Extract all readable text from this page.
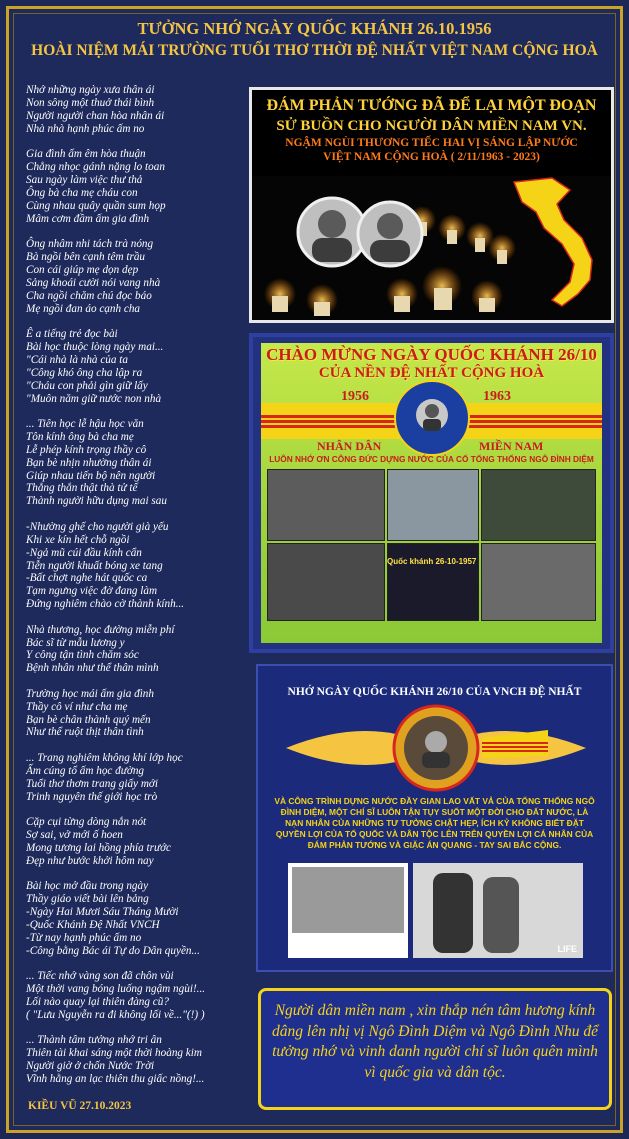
TƯỞNG NHỚ NGÀY QUỐC KHÁNH 26.10.1956
HOÀI NIỆM MÁI TRƯỜNG TUỔI THƠ THỜI ĐỆ NHẤT VIỆT NAM CỘNG HOÀ
Nhớ những ngày xưa thân ái
Non sông một thuở thái bình
Người người chan hòa nhân ái
Nhà nhà hạnh phúc ấm no
Gia đình ấm êm hòa thuận
Chẳng nhọc gánh nặng lo toan
Sau ngày làm việc thư thả
Ông bà cha mẹ cháu con
Cùng nhau quây quần sum họp
Mâm cơm đầm ấm gia đình
Ông nhâm nhi tách trà nóng
Bà ngồi bên cạnh têm trầu
Con cái giúp mẹ dọn dẹp
Sảng khoái cười nói vang nhà
Cha ngồi chăm chú đọc báo
Mẹ ngồi đan áo cạnh cha
Ê a tiếng trẻ đọc bài
Bài học thuộc lòng ngày mai...
"Cái nhà là nhà của ta
"Công khó ông cha lập ra
"Cháu con phải gìn giữ lấy
"Muôn năm giữ nước non nhà
... Tiên học lễ hậu học văn
Tôn kính ông bà cha mẹ
Lễ phép kính trọng thầy cô
Bạn bè nhịn nhường thân ái
Giúp nhau tiến bộ nên người
Thẳng thắn thật thà tử tế
Thành người hữu dụng mai sau
-Nhường ghế cho người già yếu
Khi xe kín hết chỗ ngồi
-Ngả mũ cúi đầu kính cẩn
Tiễn người khuất bóng xe tang
-Bất chợt nghe hát quốc ca
Tạm ngưng việc đờ đang làm
Đứng nghiêm chào cờ thành kính...
Nhà thương, học đường miễn phí
Bác sĩ từ mẫu lương y
Y công tận tình chăm sóc
Bệnh nhân như thể thân mình
Trường học mái ấm gia đình
Thầy cô ví như cha mẹ
Bạn bè chân thành quý mến
Như thể ruột thịt thân tình
... Trang nghiêm không khí lớp học
Ấm cúng tổ ấm học đường
Tuổi thơ thơm trang giấy mới
Trinh nguyên thế giới học trò
Cặp cụi từng dòng nắn nót
Sợ sai, vở mới ố hoen
Mong tương lai hồng phía trước
Đẹp như bước khởi hôm nay
Bài học mở đầu trong ngày
Thầy giáo viết bài lên bảng
-Ngày Hai Mươi Sáu Tháng Mười
-Quốc Khánh Đệ Nhất VNCH
-Từ nay hạnh phúc ấm no
-Công bằng Bác ái Tự do Dân quyền...
... Tiếc nhớ vàng son đã chôn vùi
Một thời vang bóng luống ngậm ngùi!...
Lối nào quay lại thiên đàng cũ?
( "Lưu Nguyễn ra đi không lối về..."(!) )
... Thành tâm tưởng nhớ tri ân
Thiên tài khai sáng một thời hoàng kim
Người giờ ở chốn Nước Trời
Vĩnh hằng an lạc thiên thu giấc nồng!...
KIỀU VŨ 27.10.2023
ĐÁM PHẢN TƯỚNG ĐÃ ĐỂ LẠI MỘT ĐOẠN
SỬ BUỒN CHO NGƯỜI DÂN MIỀN NAM VN.
NGẬM NGÙI THƯƠNG TIẾC HAI VỊ SÁNG LẬP NƯỚC
VIỆT NAM CỘNG HOÀ ( 2/11/1963 - 2023)
CHÀO MỪNG NGÀY QUỐC KHÁNH 26/10
CỦA NỀN ĐỆ NHẤT CỘNG HOÀ
1956	1963
NHÂN DÂN	MIỀN NAM
LUÔN NHỚ ƠN CÔNG ĐỨC DỰNG NƯỚC CỦA CỐ TỔNG THỐNG NGÔ ĐÌNH DIỆM
Quốc khánh 26-10-1957
NHỚ NGÀY QUỐC KHÁNH 26/10 CỦA VNCH ĐỆ NHẤT
VÀ CÔNG TRÌNH DỰNG NƯỚC ĐẦY GIAN LAO VẤT VẢ CỦA TỔNG THỐNG NGÔ ĐÌNH DIỆM, MỘT CHÍ SĨ LUÔN TẬN TỤY SUỐT MỘT ĐỜI CHO ĐẤT NƯỚC, LÀ NẠN NHÂN CỦA NHỮNG TƯ TƯỞNG CHẬT HẸP, ÍCH KỶ KHÔNG BIẾT ĐẶT QUYỀN LỢI CỦA TỔ QUỐC VÀ DÂN TỘC LÊN TRÊN QUYỀN LỢI CÁ NHÂN CỦA ĐÁM PHẢN TƯỚNG VÀ GIẶC ÁN QUANG - TAY SAI BẮC CỘNG.
LIFE
Người dân miền nam , xin thắp nén tâm hương kính dâng lên nhị vị Ngô Đình Diệm và Ngô Đình Nhu để tưởng nhớ và vinh danh người chí sĩ luôn quên mình vì quốc gia và dân tộc.
